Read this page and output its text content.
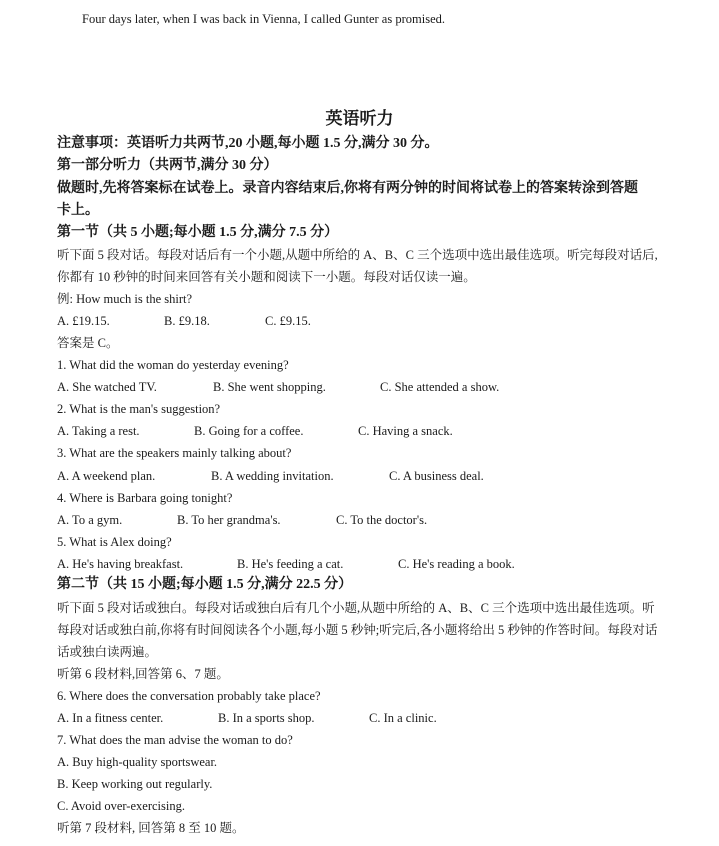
Four days later, when I was back in Vienna, I called Gunter as promised.
英语听力
注意事项：英语听力共两节,20 小题,每小题 1.5 分,满分 30 分。
第一部分听力（共两节,满分 30 分）
做题时,先将答案标在试卷上。录音内容结束后,你将有两分钟的时间将试卷上的答案转涂到答题
卡上。
第一节（共 5 小题;每小题 1.5 分,满分 7.5 分）
听下面 5 段对话。每段对话后有一个小题,从题中所给的 A、B、C 三个选项中选出最佳选项。听完每段对话后,
你都有 10 秒钟的时间来回答有关小题和阅读下一小题。每段对话仅读一遍。
例: How much is the shirt?
A. £19.15.	B. £9.18.	C. £9.15.
答案是 C。
1. What did the woman do yesterday evening?
A. She watched TV.	B. She went shopping.	C. She attended a show.
2. What is the man's suggestion?
A. Taking a rest.	B. Going for a coffee.	C. Having a snack.
3. What are the speakers mainly talking about?
A. A weekend plan.	B. A wedding invitation.	C. A business deal.
4. Where is Barbara going tonight?
A. To a gym.	B. To her grandma's.	C. To the doctor's.
5. What is Alex doing?
A. He's having breakfast.	B. He's feeding a cat.	C. He's reading a book.
第二节（共 15 小题;每小题 1.5 分,满分 22.5 分）
听下面 5 段对话或独白。每段对话或独白后有几个小题,从题中所给的 A、B、C 三个选项中选出最佳选项。听
每段对话或独白前,你将有时间阅读各个小题,每小题 5 秒钟;听完后,各小题将给出 5 秒钟的作答时间。每段对话
话或独白读两遍。
听第 6 段材料,回答第 6、7 题。
6. Where does the conversation probably take place?
A. In a fitness center.	B. In a sports shop.	C. In a clinic.
7. What does the man advise the woman to do?
A. Buy high-quality sportswear.
B. Keep working out regularly.
C. Avoid over-exercising.
听第 7 段材料, 回答第 8 至 10 题。
